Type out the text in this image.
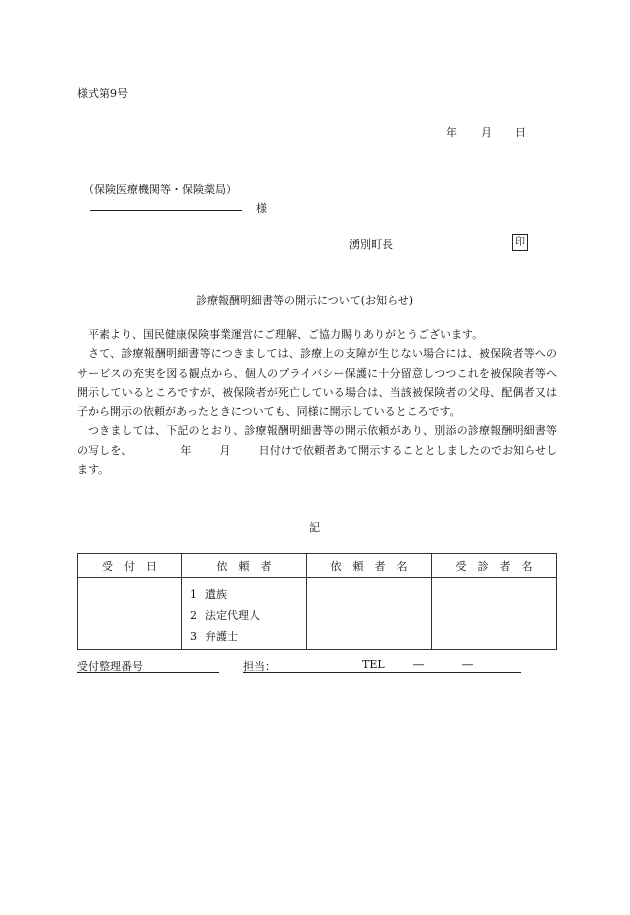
様式第9号
年 月 日
（保険医療機関等・保険薬局）
様
湧別町長	印
診療報酬明細書等の開示について(お知らせ)

平素より、国民健康保険事業運営にご理解、ご協力賜りありがとうございます。

さて、診療報酬明細書等につきましては、診療上の支障が生じない場合には、被保険者等へのサービスの充実を図る観点から、個人のプライバシー保護に十分留意しつつこれを被保険者等へ開示しているところですが、被保険者が死亡している場合は、当該被保険者の父母、配偶者又は子から開示の依頼があったときについても、同様に開示しているところです。

つきましては、下記のとおり、診療報酬明細書等の開示依頼があり、別添の診療報酬明細書等の写しを、	年	月	日付けで依頼者あて開示することとしましたのでお知らせします。

記
受　付　日	依　頼　者	依　頼　者　名	受　診　者　名

	1 遺族
2 法定代理人
3 弁護士		

受付整理番号	担当：	TEL	―	―
